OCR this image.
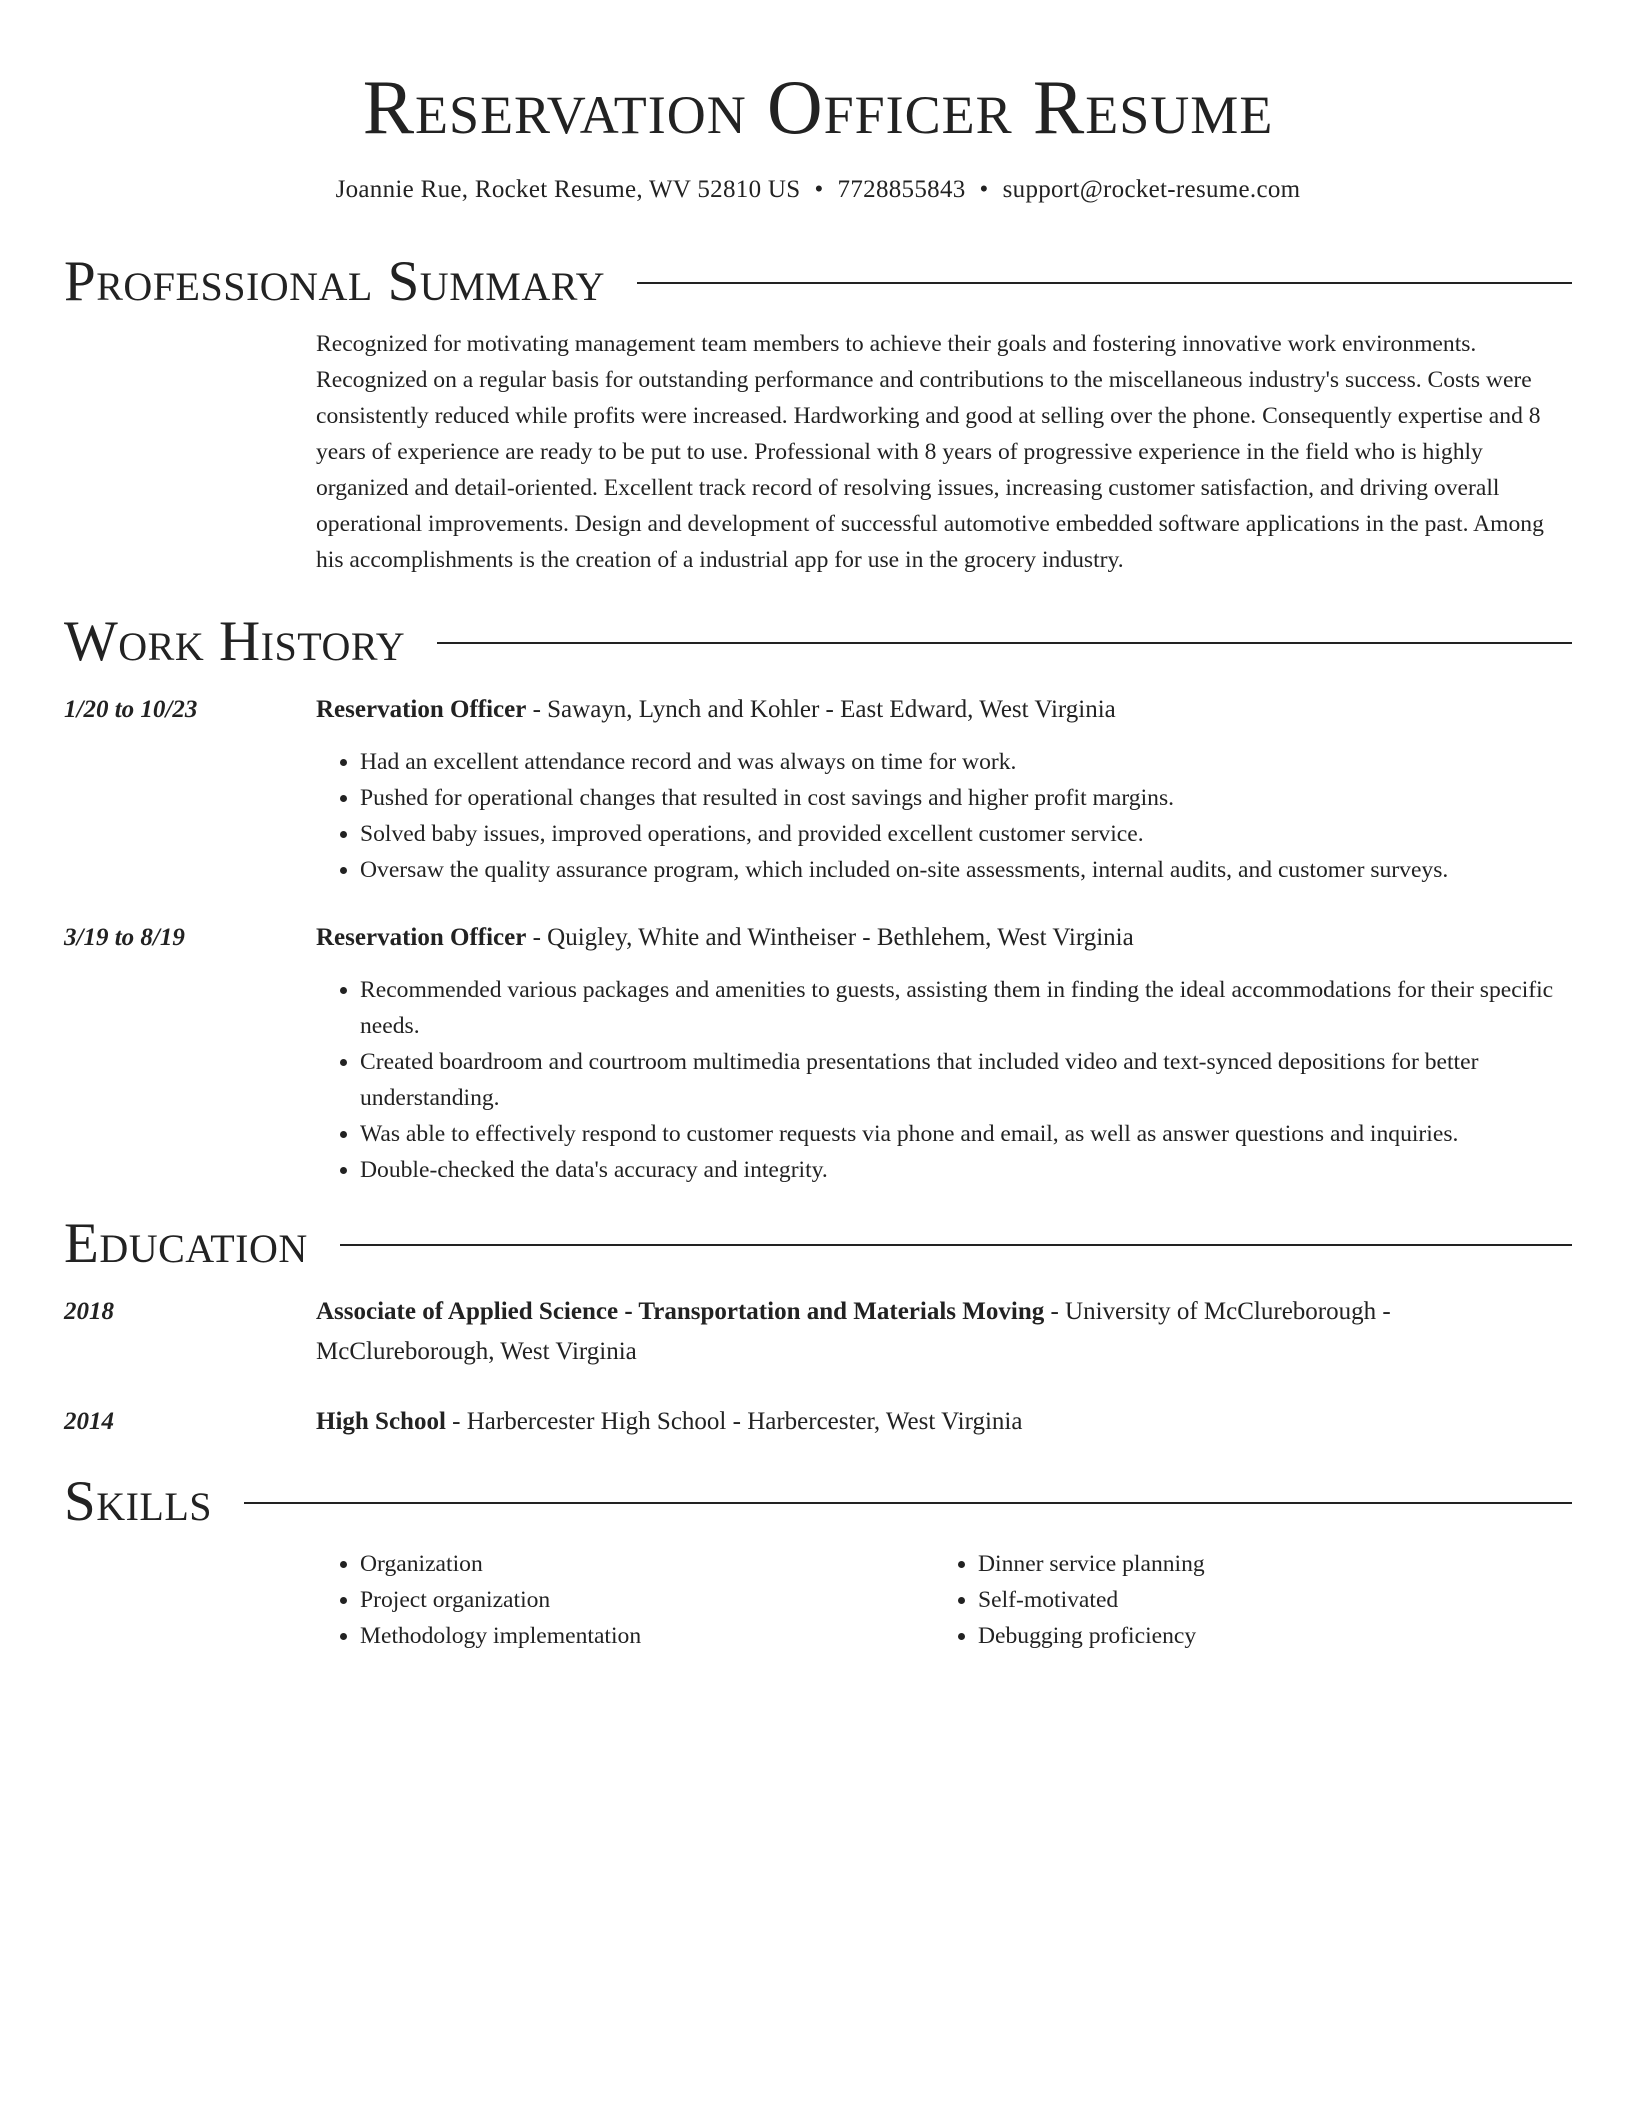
Reservation Officer Resume
Joannie Rue, Rocket Resume, WV 52810 US • 7728855843 • support@rocket-resume.com
Professional Summary
Recognized for motivating management team members to achieve their goals and fostering innovative work environments. Recognized on a regular basis for outstanding performance and contributions to the miscellaneous industry's success. Costs were consistently reduced while profits were increased. Hardworking and good at selling over the phone. Consequently expertise and 8 years of experience are ready to be put to use. Professional with 8 years of progressive experience in the field who is highly organized and detail-oriented. Excellent track record of resolving issues, increasing customer satisfaction, and driving overall operational improvements. Design and development of successful automotive embedded software applications in the past. Among his accomplishments is the creation of a industrial app for use in the grocery industry.
Work History
1/20 to 10/23	Reservation Officer - Sawayn, Lynch and Kohler - East Edward, West Virginia
• Had an excellent attendance record and was always on time for work.
• Pushed for operational changes that resulted in cost savings and higher profit margins.
• Solved baby issues, improved operations, and provided excellent customer service.
• Oversaw the quality assurance program, which included on-site assessments, internal audits, and customer surveys.
3/19 to 8/19	Reservation Officer - Quigley, White and Wintheiser - Bethlehem, West Virginia
• Recommended various packages and amenities to guests, assisting them in finding the ideal accommodations for their specific needs.
• Created boardroom and courtroom multimedia presentations that included video and text-synced depositions for better understanding.
• Was able to effectively respond to customer requests via phone and email, as well as answer questions and inquiries.
• Double-checked the data's accuracy and integrity.
Education
2018	Associate of Applied Science - Transportation and Materials Moving - University of McClureborough - McClureborough, West Virginia
2014	High School - Harbercester High School - Harbercester, West Virginia
Skills
• Organization
• Project organization
• Methodology implementation
• Dinner service planning
• Self-motivated
• Debugging proficiency
